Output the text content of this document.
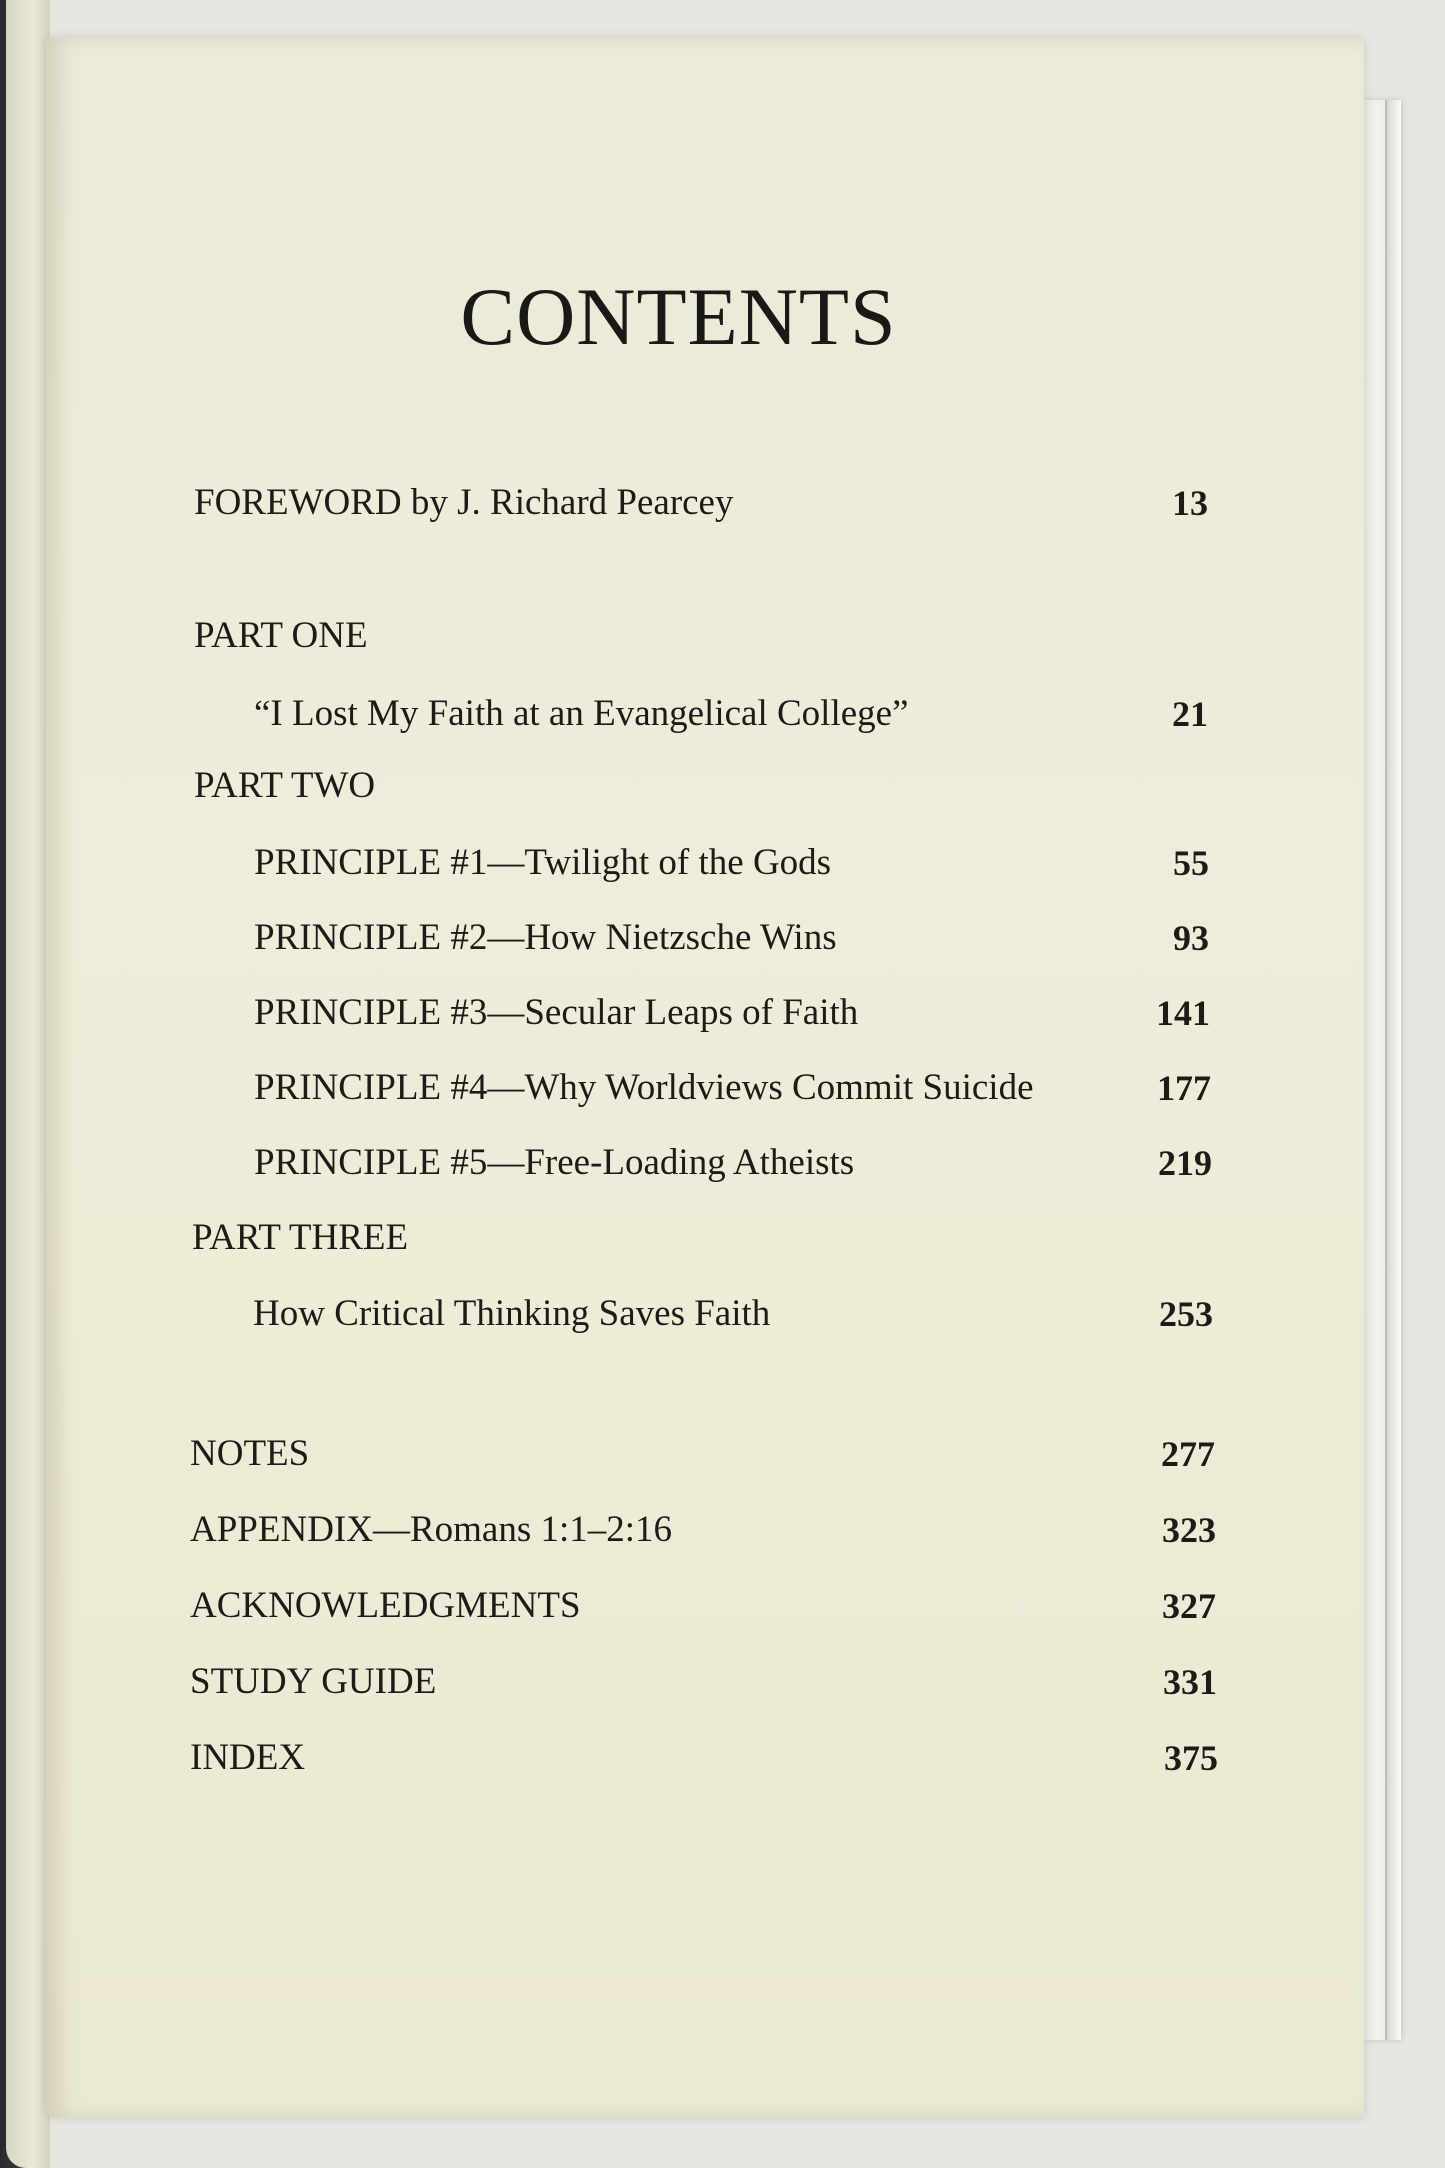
CONTENTS
FOREWORD by J. Richard Pearcey	13
PART ONE
“I Lost My Faith at an Evangelical College”	21
PART TWO
PRINCIPLE #1—Twilight of the Gods	55
PRINCIPLE #2—How Nietzsche Wins	93
PRINCIPLE #3—Secular Leaps of Faith	141
PRINCIPLE #4—Why Worldviews Commit Suicide	177
PRINCIPLE #5—Free-Loading Atheists	219
PART THREE
How Critical Thinking Saves Faith	253
NOTES	277
APPENDIX—Romans 1:1–2:16	323
ACKNOWLEDGMENTS	327
STUDY GUIDE	331
INDEX	375
